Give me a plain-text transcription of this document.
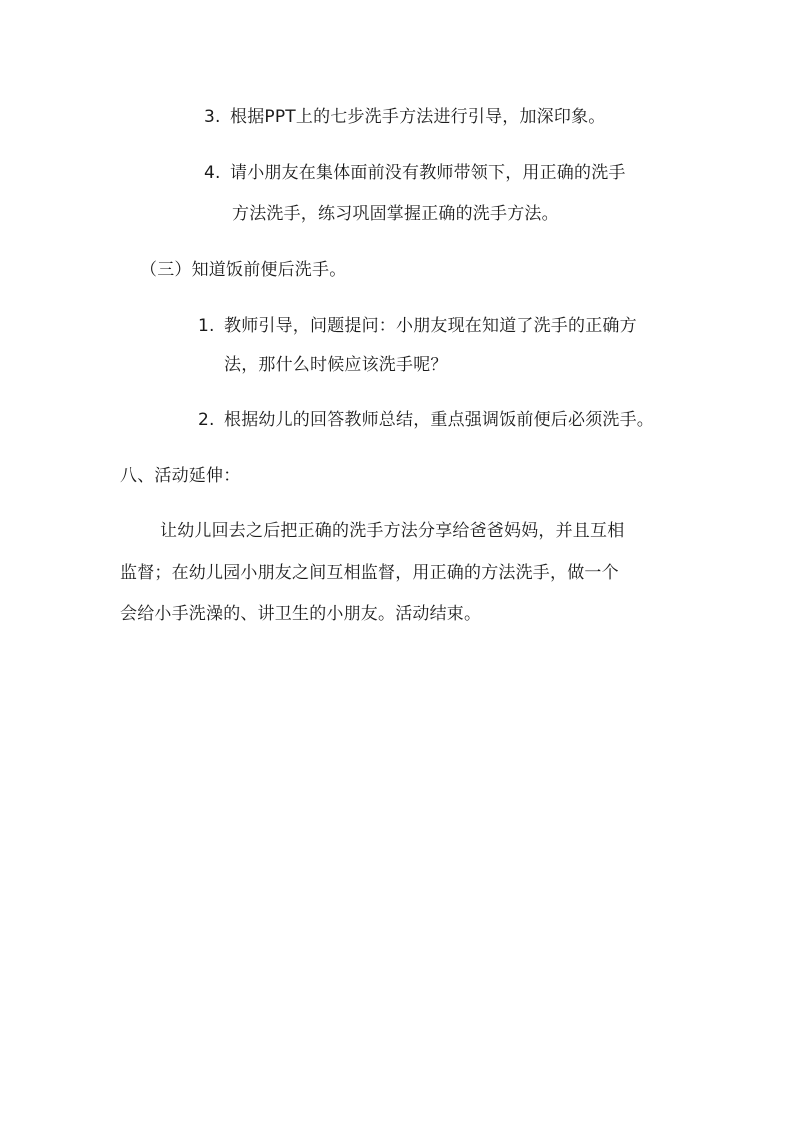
3. 根据PPT上的七步洗手方法进行引导，加深印象。
4. 请小朋友在集体面前没有教师带领下，用正确的洗手
方法洗手，练习巩固掌握正确的洗手方法。
（三）知道饭前便后洗手。
1. 教师引导，问题提问：小朋友现在知道了洗手的正确方
法，那什么时候应该洗手呢？
2. 根据幼儿的回答教师总结，重点强调饭前便后必须洗手。
八、活动延伸：
让幼儿回去之后把正确的洗手方法分享给爸爸妈妈，并且互相
监督；在幼儿园小朋友之间互相监督，用正确的方法洗手，做一个
会给小手洗澡的、讲卫生的小朋友。活动结束。
